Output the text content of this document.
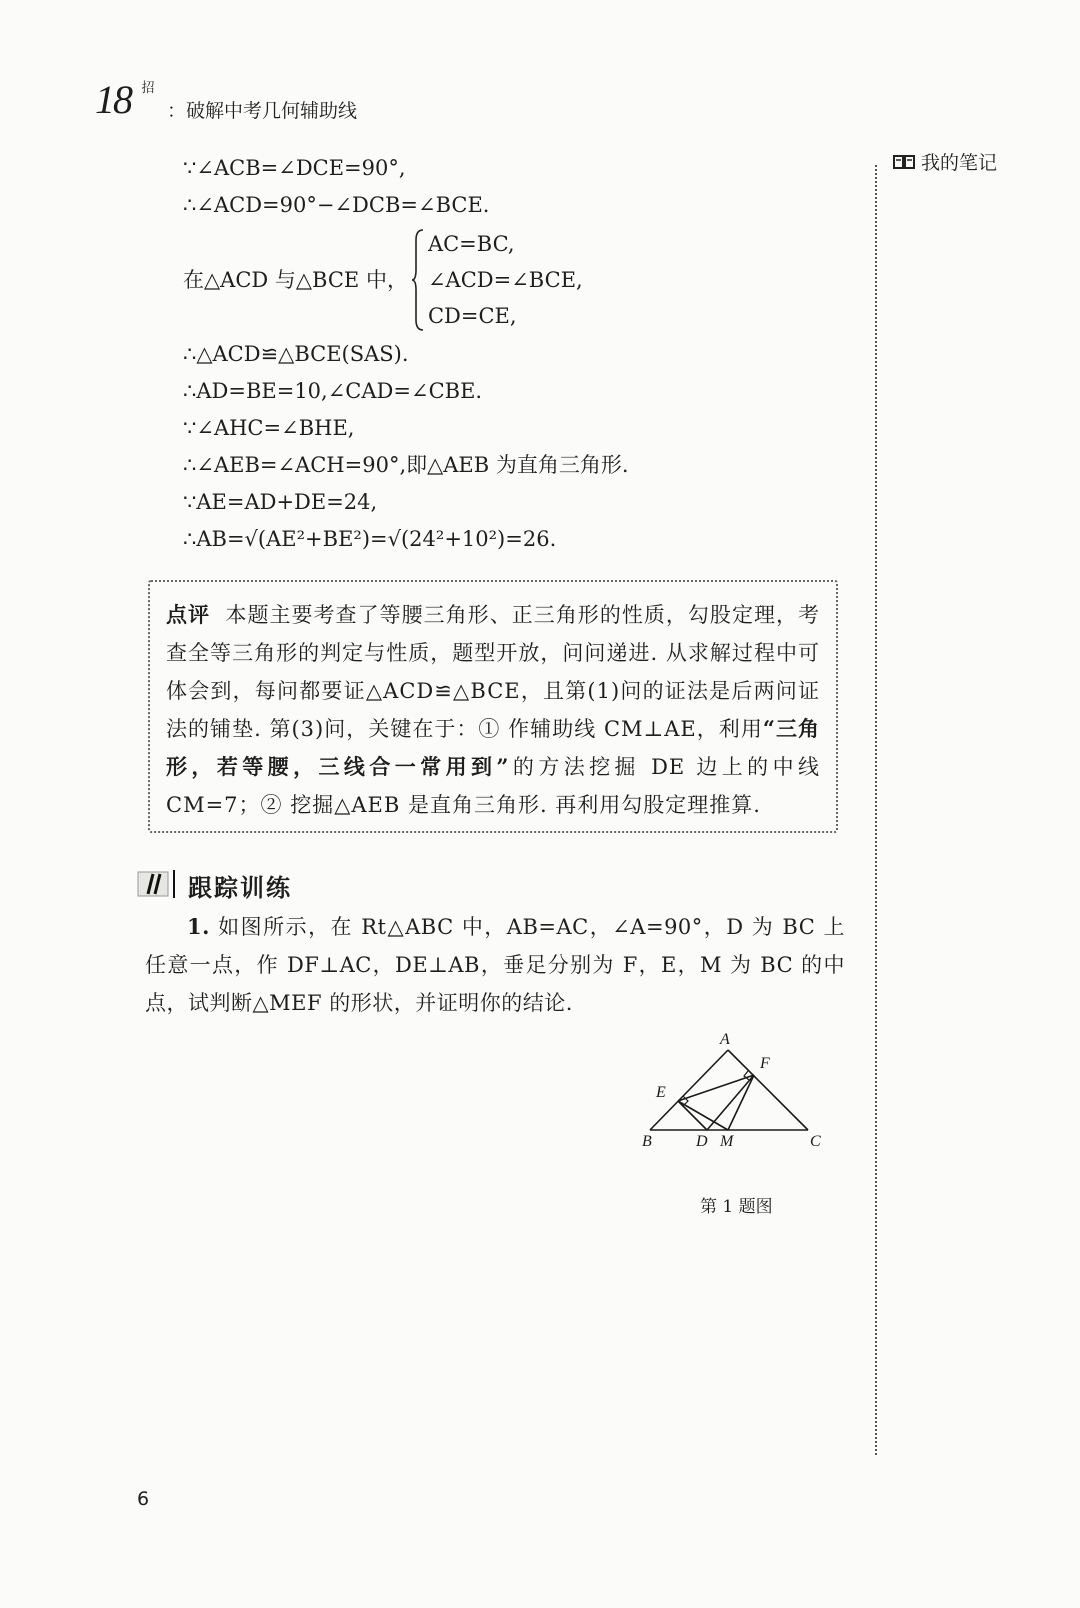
18 招
：破解中考几何辅助线
我的笔记
∵∠ACB=∠DCE=90°,
∴∠ACD=90°−∠DCB=∠BCE.
在△ACD 与△BCE 中，
AC=BC,
∠ACD=∠BCE,
CD=CE,
∴△ACD≌△BCE(SAS).
∴AD=BE=10,∠CAD=∠CBE.
∵∠AHC=∠BHE,
∴∠AEB=∠ACH=90°,即△AEB 为直角三角形.
∵AE=AD+DE=24,
∴AB=√(AE²+BE²)=√(24²+10²)=26.
点评 本题主要考查了等腰三角形、正三角形的性质，勾股定理，考查全等三角形的判定与性质，题型开放，问问递进. 从求解过程中可体会到，每问都要证△ACD≌△BCE，且第(1)问的证法是后两问证法的铺垫. 第(3)问，关键在于：① 作辅助线 CM⊥AE，利用“三角形，若等腰，三线合一常用到”的方法挖掘 DE 边上的中线 CM=7；② 挖掘△AEB 是直角三角形. 再利用勾股定理推算.
跟踪训练
1. 如图所示，在 Rt△ABC 中，AB=AC，∠A=90°，D 为 BC 上任意一点，作 DF⊥AC，DE⊥AB，垂足分别为 F，E，M 为 BC 的中点，试判断△MEF 的形状，并证明你的结论.
A
F
E
B	D M	C
第 1 题图
6
